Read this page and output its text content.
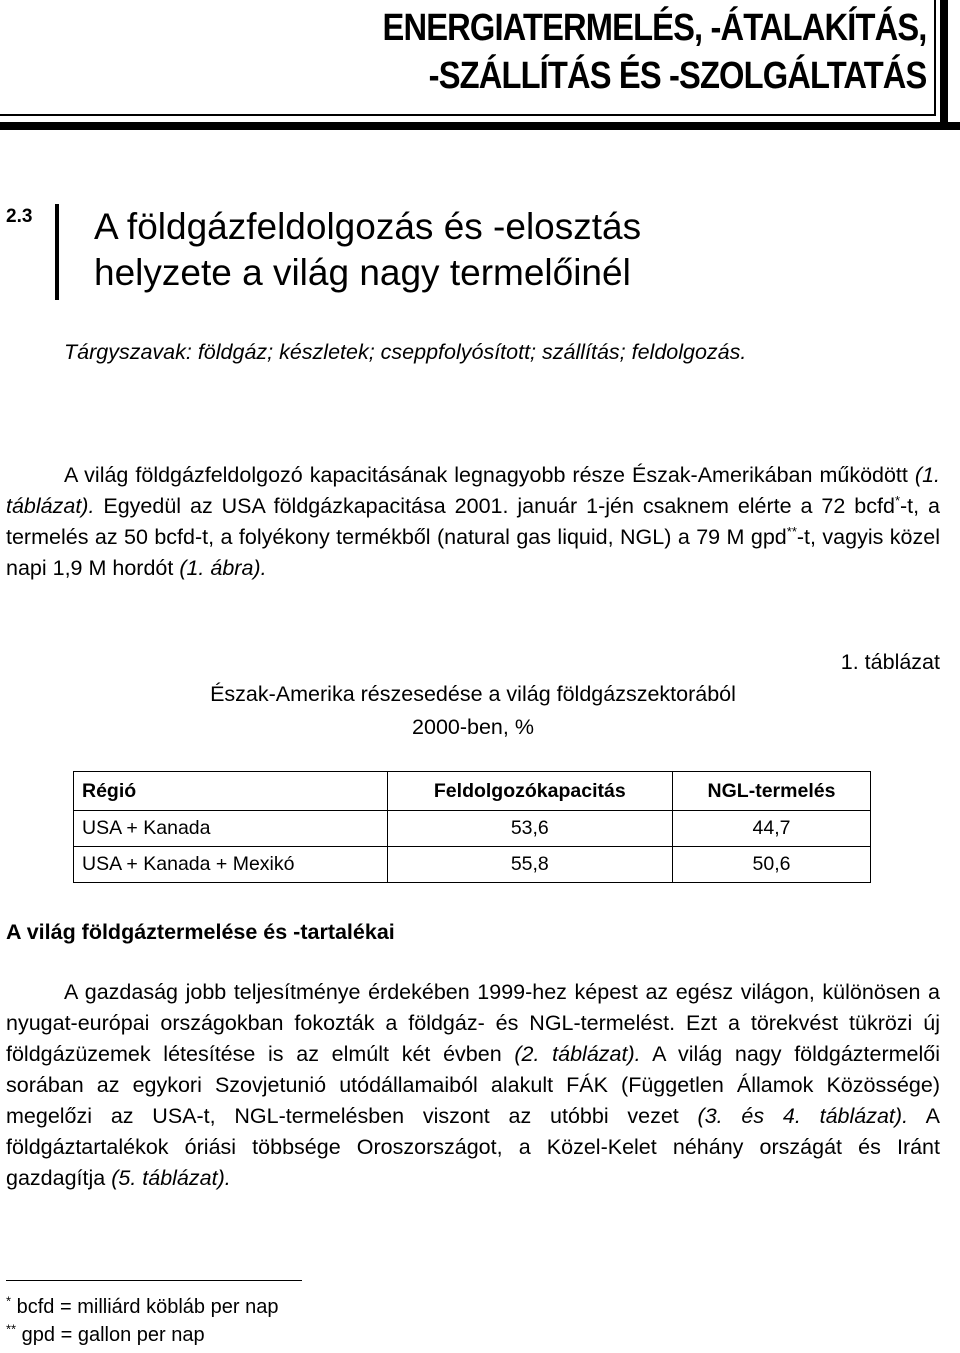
ENERGIATERMELÉS, -ÁTALAKÍTÁS,
-SZÁLLÍTÁS ÉS -SZOLGÁLTATÁS
2.3 A földgázfeldolgozás és -elosztás
helyzete a világ nagy termelőinél
Tárgyszavak: földgáz; készletek; cseppfolyósított; szállítás; feldolgozás.
A világ földgázfeldolgozó kapacitásának legnagyobb része Észak-Amerikában működött (1. táblázat). Egyedül az USA földgázkapacitása 2001. január 1-jén csaknem elérte a 72 bcfd*-t, a termelés az 50 bcfd-t, a folyékony termékből (natural gas liquid, NGL) a 79 M gpd**-t, vagyis közel napi 1,9 M hordót (1. ábra).
1. táblázat
Észak-Amerika részesedése a világ földgázszektorából
2000-ben, %
Régió	Feldolgozókapacitás	NGL-termelés
USA + Kanada	53,6	44,7
USA + Kanada + Mexikó	55,8	50,6
A világ földgáztermelése és -tartalékai
A gazdaság jobb teljesítménye érdekében 1999-hez képest az egész világon, különösen a nyugat-európai országokban fokozták a földgáz- és NGL-termelést. Ezt a törekvést tükrözi új földgázüzemek létesítése is az elmúlt két évben (2. táblázat). A világ nagy földgáztermelői sorában az egykori Szovjetunió utódállamaiból alakult FÁK (Független Államok Közössége) megelőzi az USA-t, NGL-termelésben viszont az utóbbi vezet (3. és 4. táblázat). A földgáztartalékok óriási többsége Oroszországot, a Közel-Kelet néhány országát és Iránt gazdagítja (5. táblázat).
* bcfd = milliárd köbláb per nap
** gpd = gallon per nap
